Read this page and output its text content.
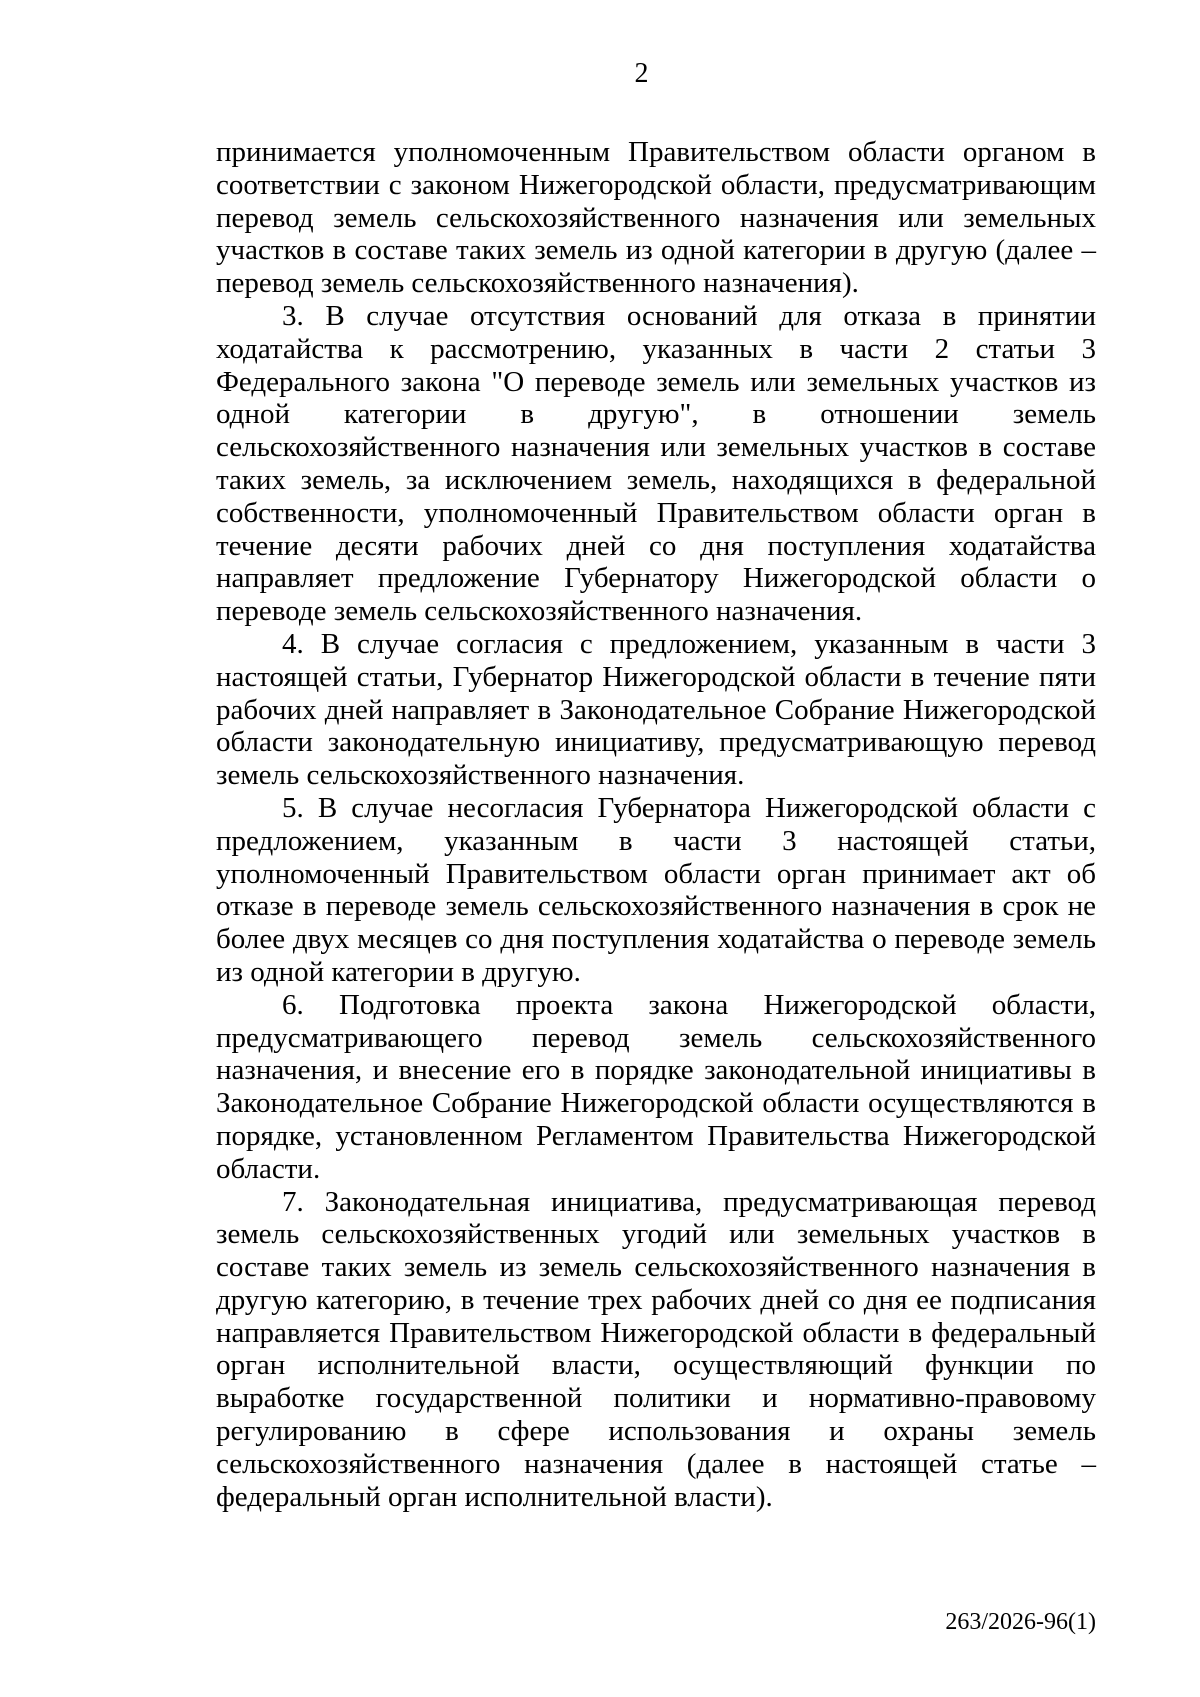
2

принимается уполномоченным Правительством области органом в соответствии с законом Нижегородской области, предусматривающим перевод земель сельскохозяйственного назначения или земельных участков в составе таких земель из одной категории в другую (далее – перевод земель сельскохозяйственного назначения).

3. В случае отсутствия оснований для отказа в принятии ходатайства к рассмотрению, указанных в части 2 статьи 3 Федерального закона "О переводе земель или земельных участков из одной категории в другую", в отношении земель сельскохозяйственного назначения или земельных участков в составе таких земель, за исключением земель, находящихся в федеральной собственности, уполномоченный Правительством области орган в течение десяти рабочих дней со дня поступления ходатайства направляет предложение Губернатору Нижегородской области о переводе земель сельскохозяйственного назначения.

4. В случае согласия с предложением, указанным в части 3 настоящей статьи, Губернатор Нижегородской области в течение пяти рабочих дней направляет в Законодательное Собрание Нижегородской области законодательную инициативу, предусматривающую перевод земель сельскохозяйственного назначения.

5. В случае несогласия Губернатора Нижегородской области с предложением, указанным в части 3 настоящей статьи, уполномоченный Правительством области орган принимает акт об отказе в переводе земель сельскохозяйственного назначения в срок не более двух месяцев со дня поступления ходатайства о переводе земель из одной категории в другую.

6. Подготовка проекта закона Нижегородской области, предусматривающего перевод земель сельскохозяйственного назначения, и внесение его в порядке законодательной инициативы в Законодательное Собрание Нижегородской области осуществляются в порядке, установленном Регламентом Правительства Нижегородской области.

7. Законодательная инициатива, предусматривающая перевод земель сельскохозяйственных угодий или земельных участков в составе таких земель из земель сельскохозяйственного назначения в другую категорию, в течение трех рабочих дней со дня ее подписания направляется Правительством Нижегородской области в федеральный орган исполнительной власти, осуществляющий функции по выработке государственной политики и нормативно-правовому регулированию в сфере использования и охраны земель сельскохозяйственного назначения (далее в настоящей статье – федеральный орган исполнительной власти).

263/2026-96(1)
